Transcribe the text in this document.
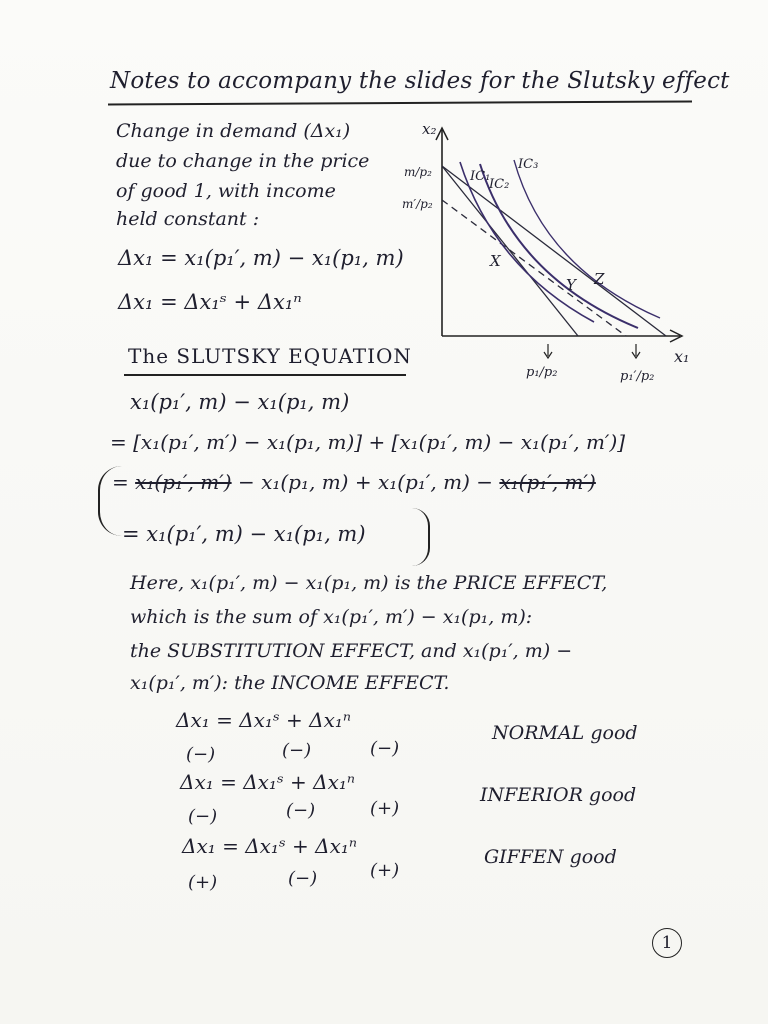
Notes to accompany the slides for the Slutsky effect
Change in demand (Δx₁)
due to change in the price
of good 1, with income
held constant :
Δx₁ = x₁(p₁′, m) − x₁(p₁, m)
Δx₁ = Δx₁ˢ + Δx₁ⁿ
x₂
x₁
m/p₂
m′/p₂
IC₁
IC₂
IC₃
X
Y Z
p₁/p₂	p₁′/p₂
The SLUTSKY EQUATION
x₁(p₁′, m) − x₁(p₁, m)
= [x₁(p₁′, m′) − x₁(p₁, m)] + [x₁(p₁′, m) − x₁(p₁′, m′)]
= x₁(p₁′, m′) − x₁(p₁, m) + x₁(p₁′, m) − x₁(p₁′, m′)
= x₁(p₁′, m) − x₁(p₁, m)
Here, x₁(p₁′, m) − x₁(p₁, m) is the PRICE EFFECT,
which is the sum of x₁(p₁′, m′) − x₁(p₁, m):
the SUBSTITUTION EFFECT, and x₁(p₁′, m) −
x₁(p₁′, m′): the INCOME EFFECT.
Δx₁ = Δx₁ˢ + Δx₁ⁿ
(−)	(−)	(−)
NORMAL good
Δx₁ = Δx₁ˢ + Δx₁ⁿ
(−)	(−)	(+)
INFERIOR good
Δx₁ = Δx₁ˢ + Δx₁ⁿ
(+)	(−)	(+)
GIFFEN good
1
